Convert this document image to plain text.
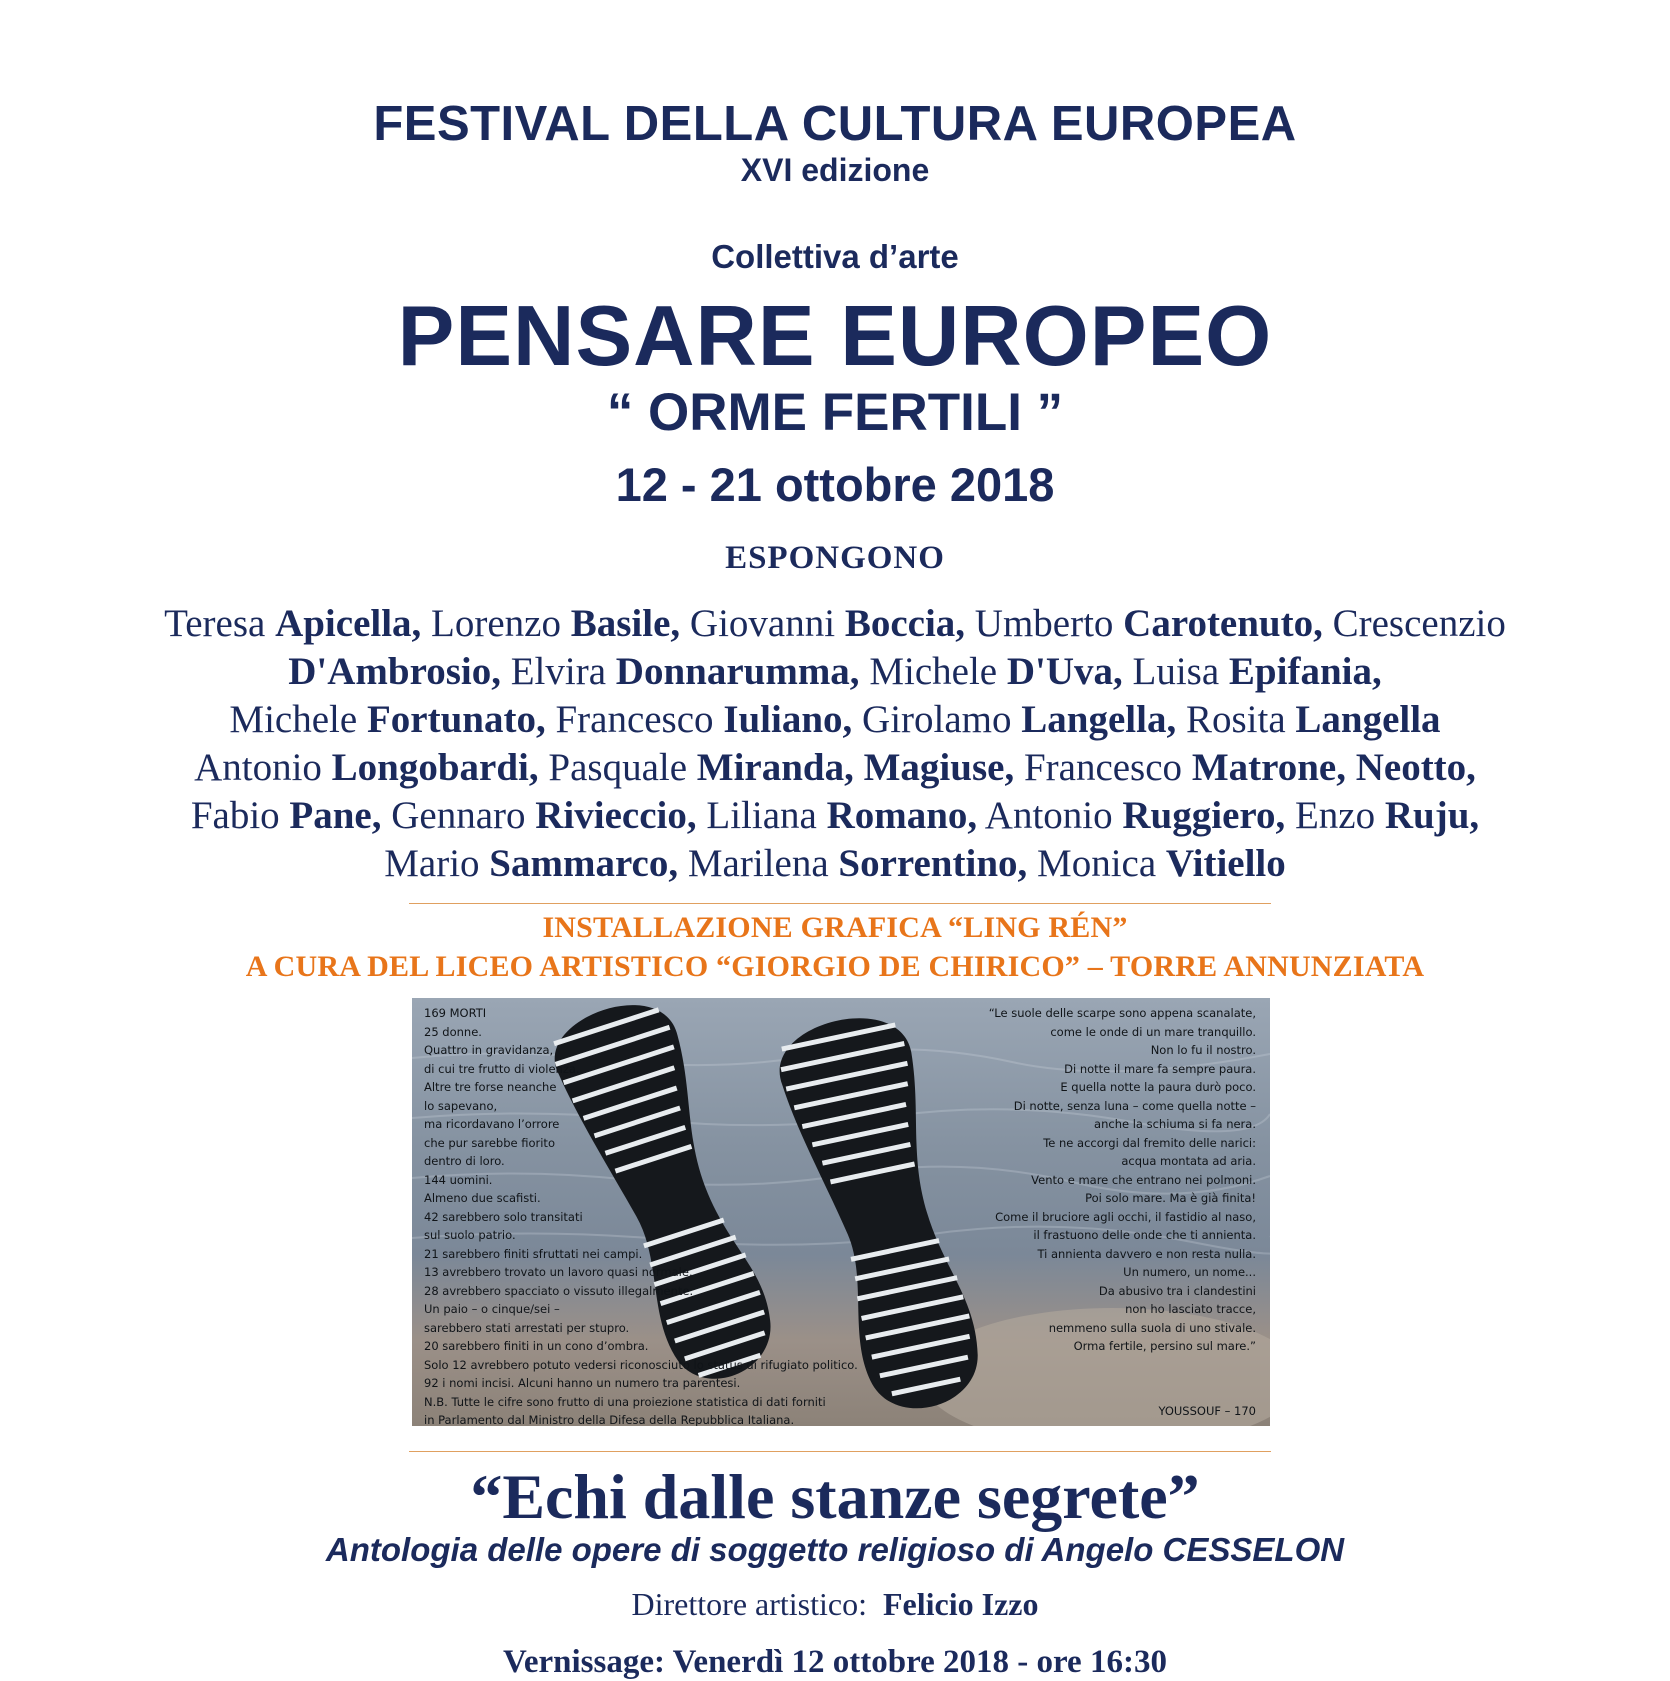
FESTIVAL DELLA CULTURA EUROPEA
XVI edizione
Collettiva d’arte
PENSARE EUROPEO
“ ORME FERTILI ”
12 - 21 ottobre 2018
ESPONGONO
Teresa Apicella, Lorenzo Basile, Giovanni Boccia, Umberto Carotenuto, Crescenzio
D'Ambrosio, Elvira Donnarumma, Michele D'Uva, Luisa Epifania,
Michele Fortunato, Francesco Iuliano, Girolamo Langella, Rosita Langella
Antonio Longobardi, Pasquale Miranda, Magiuse, Francesco Matrone, Neotto,
Fabio Pane, Gennaro Rivieccio, Liliana Romano, Antonio Ruggiero, Enzo Ruju,
Mario Sammarco, Marilena Sorrentino, Monica Vitiello
INSTALLAZIONE GRAFICA “LING RÉN”
A CURA DEL LICEO ARTISTICO “GIORGIO DE CHIRICO” – TORRE ANNUNZIATA
169 MORTI
25 donne.
Quattro in gravidanza,
di cui tre frutto di violenza.
Altre tre forse neanche
lo sapevano,
ma ricordavano l’orrore
che pur sarebbe fiorito
dentro di loro.
144 uomini.
Almeno due scafisti.
42 sarebbero solo transitati
sul suolo patrio.
21 sarebbero finiti sfruttati nei campi.
13 avrebbero trovato un lavoro quasi normale.
28 avrebbero spacciato o vissuto illegalmente.
Un paio – o cinque/sei –
sarebbero stati arrestati per stupro.
20 sarebbero finiti in un cono d’ombra.
Solo 12 avrebbero potuto vedersi riconosciuto lo status di rifugiato politico.
92 i nomi incisi. Alcuni hanno un numero tra parentesi.
N.B. Tutte le cifre sono frutto di una proiezione statistica di dati forniti
in Parlamento dal Ministro della Difesa della Repubblica Italiana.
“Le suole delle scarpe sono appena scanalate,
come le onde di un mare tranquillo.
Non lo fu il nostro.
Di notte il mare fa sempre paura.
E quella notte la paura durò poco.
Di notte, senza luna – come quella notte –
anche la schiuma si fa nera.
Te ne accorgi dal fremito delle narici:
acqua montata ad aria.
Vento e mare che entrano nei polmoni.
Poi solo mare. Ma è già finita!
Come il bruciore agli occhi, il fastidio al naso,
il frastuono delle onde che ti annienta.
Ti annienta davvero e non resta nulla.
Un numero, un nome...
Da abusivo tra i clandestini
non ho lasciato tracce,
nemmeno sulla suola di uno stivale.
Orma fertile, persino sul mare.”
YOUSSOUF – 170
“Echi dalle stanze segrete”
Antologia delle opere di soggetto religioso di Angelo CESSELON
Direttore artistico: Felicio Izzo
Vernissage: Venerdì 12 ottobre 2018 - ore 16:30
